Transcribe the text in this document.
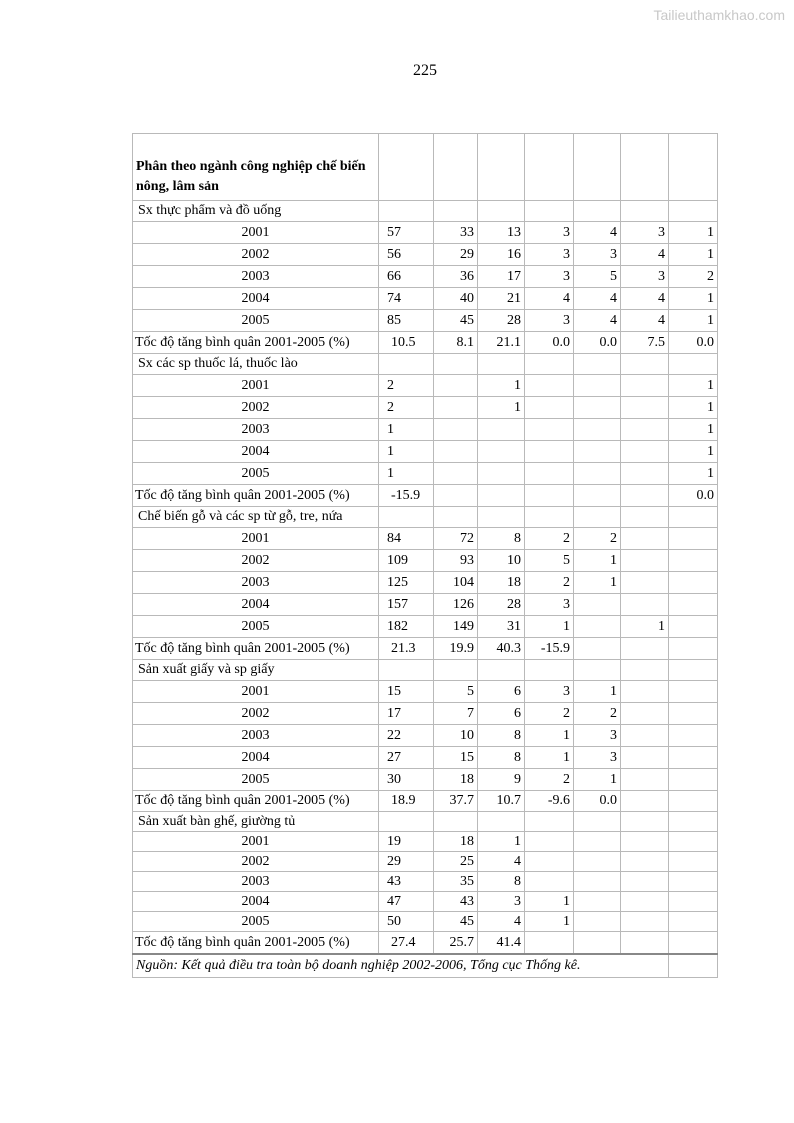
Tailieuthamkhao.com
225
Phân theo ngành công nghiệp chế biến nông, lâm sản							
Sx thực phẩm và đồ uống							
2001	57	33	13	3	4	3	1
2002	56	29	16	3	3	4	1
2003	66	36	17	3	5	3	2
2004	74	40	21	4	4	4	1
2005	85	45	28	3	4	4	1
Tốc độ tăng bình quân 2001-2005 (%)	10.5	8.1	21.1	0.0	0.0	7.5	0.0
Sx các sp thuốc lá, thuốc lào							
2001	2		1				1
2002	2		1				1
2003	1						1
2004	1						1
2005	1						1
Tốc độ tăng bình quân 2001-2005 (%)	-15.9						0.0
Chế biến gỗ và các sp từ gỗ, tre, nứa							
2001	84	72	8	2	2		
2002	109	93	10	5	1		
2003	125	104	18	2	1		
2004	157	126	28	3			
2005	182	149	31	1		1	
Tốc độ tăng bình quân 2001-2005 (%)	21.3	19.9	40.3	-15.9			
Sản xuất giấy và sp giấy							
2001	15	5	6	3	1		
2002	17	7	6	2	2		
2003	22	10	8	1	3		
2004	27	15	8	1	3		
2005	30	18	9	2	1		
Tốc độ tăng bình quân 2001-2005 (%)	18.9	37.7	10.7	-9.6	0.0		
Sản xuất bàn ghế, giường tủ							
2001	19	18	1				
2002	29	25	4				
2003	43	35	8				
2004	47	43	3	1			
2005	50	45	4	1			
Tốc độ tăng bình quân 2001-2005 (%)	27.4	25.7	41.4				
Nguồn: Kết quả điều tra toàn bộ doanh nghiệp 2002-2006, Tổng cục Thống kê.							
